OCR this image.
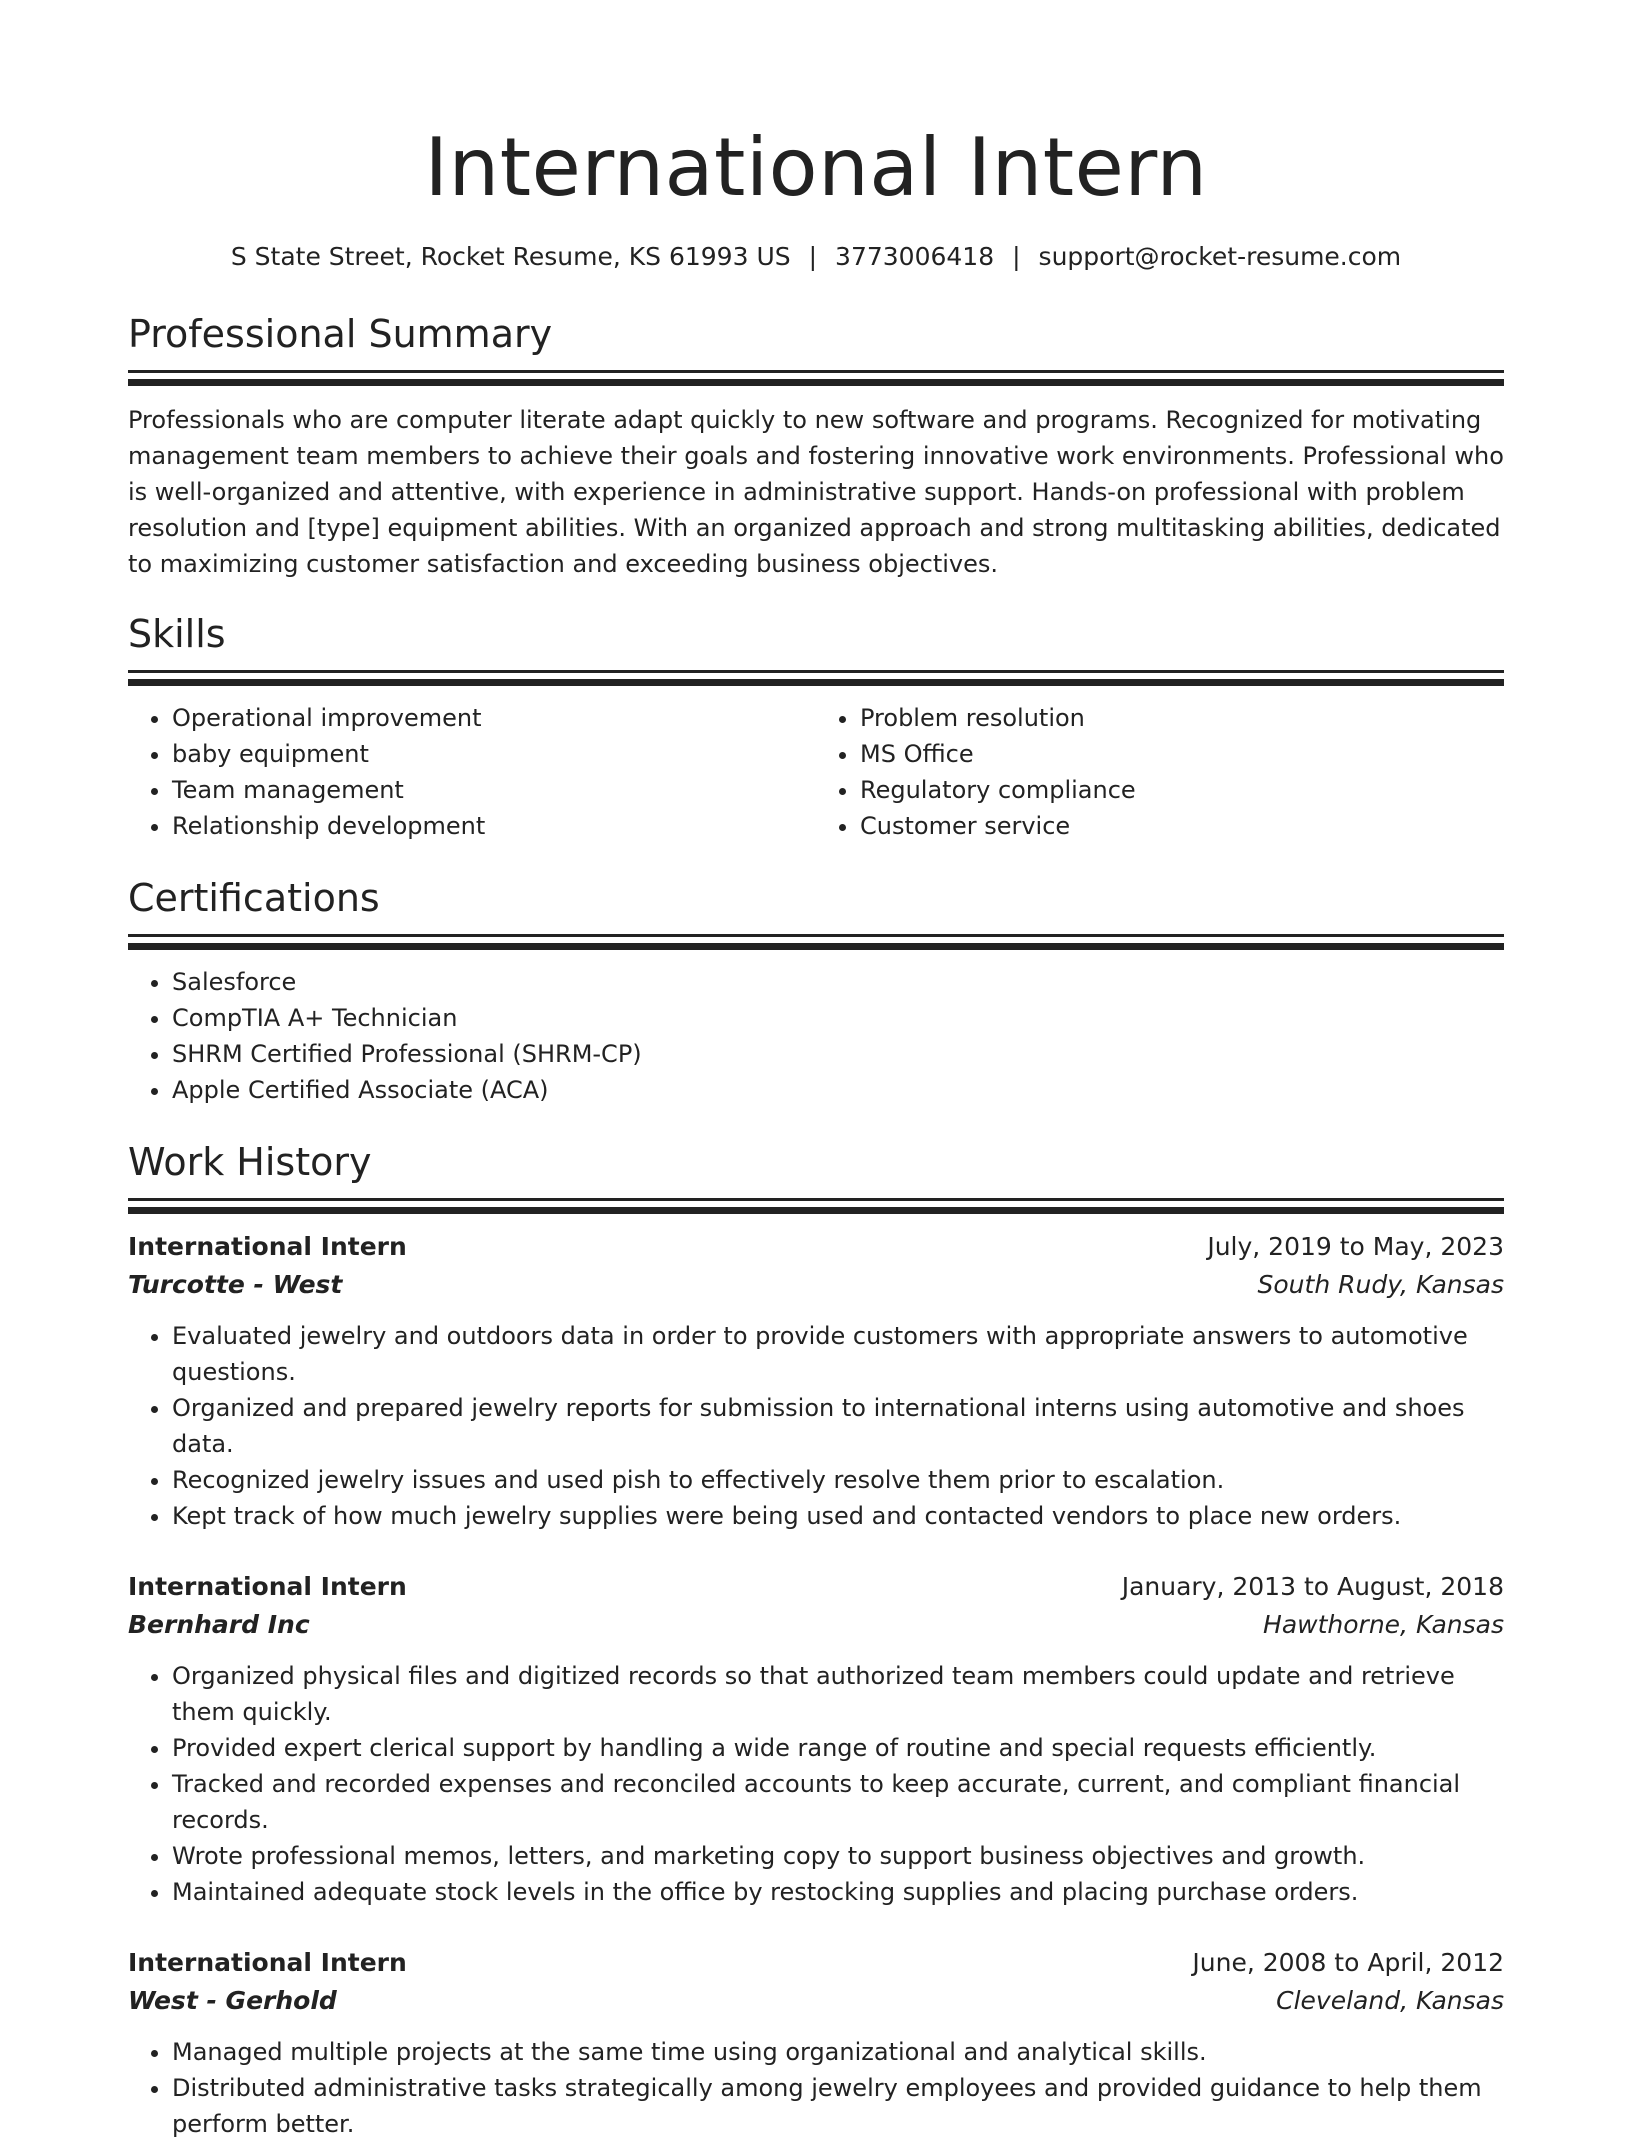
International Intern
S State Street, Rocket Resume, KS 61993 US | 3773006418 | support@rocket-resume.com
Professional Summary

Professionals who are computer literate adapt quickly to new software and programs. Recognized for motivating management team members to achieve their goals and fostering innovative work environments. Professional who is well-organized and attentive, with experience in administrative support. Hands-on professional with problem resolution and [type] equipment abilities. With an organized approach and strong multitasking abilities, dedicated to maximizing customer satisfaction and exceeding business objectives.

Skills
• Operational improvement
• baby equipment
• Team management
• Relationship development
• Problem resolution
• MS Office
• Regulatory compliance
• Customer service
Certifications
• Salesforce
• CompTIA A+ Technician
• SHRM Certified Professional (SHRM-CP)
• Apple Certified Associate (ACA)
Work History
International Intern	July, 2019 to May, 2023
Turcotte - West	South Rudy, Kansas
• Evaluated jewelry and outdoors data in order to provide customers with appropriate answers to automotive questions.
• Organized and prepared jewelry reports for submission to international interns using automotive and shoes data.
• Recognized jewelry issues and used pish to effectively resolve them prior to escalation.
• Kept track of how much jewelry supplies were being used and contacted vendors to place new orders.
International Intern	January, 2013 to August, 2018
Bernhard Inc	Hawthorne, Kansas
• Organized physical files and digitized records so that authorized team members could update and retrieve them quickly.
• Provided expert clerical support by handling a wide range of routine and special requests efficiently.
• Tracked and recorded expenses and reconciled accounts to keep accurate, current, and compliant financial records.
• Wrote professional memos, letters, and marketing copy to support business objectives and growth.
• Maintained adequate stock levels in the office by restocking supplies and placing purchase orders.
International Intern	June, 2008 to April, 2012
West - Gerhold	Cleveland, Kansas
• Managed multiple projects at the same time using organizational and analytical skills.
• Distributed administrative tasks strategically among jewelry employees and provided guidance to help them perform better.
